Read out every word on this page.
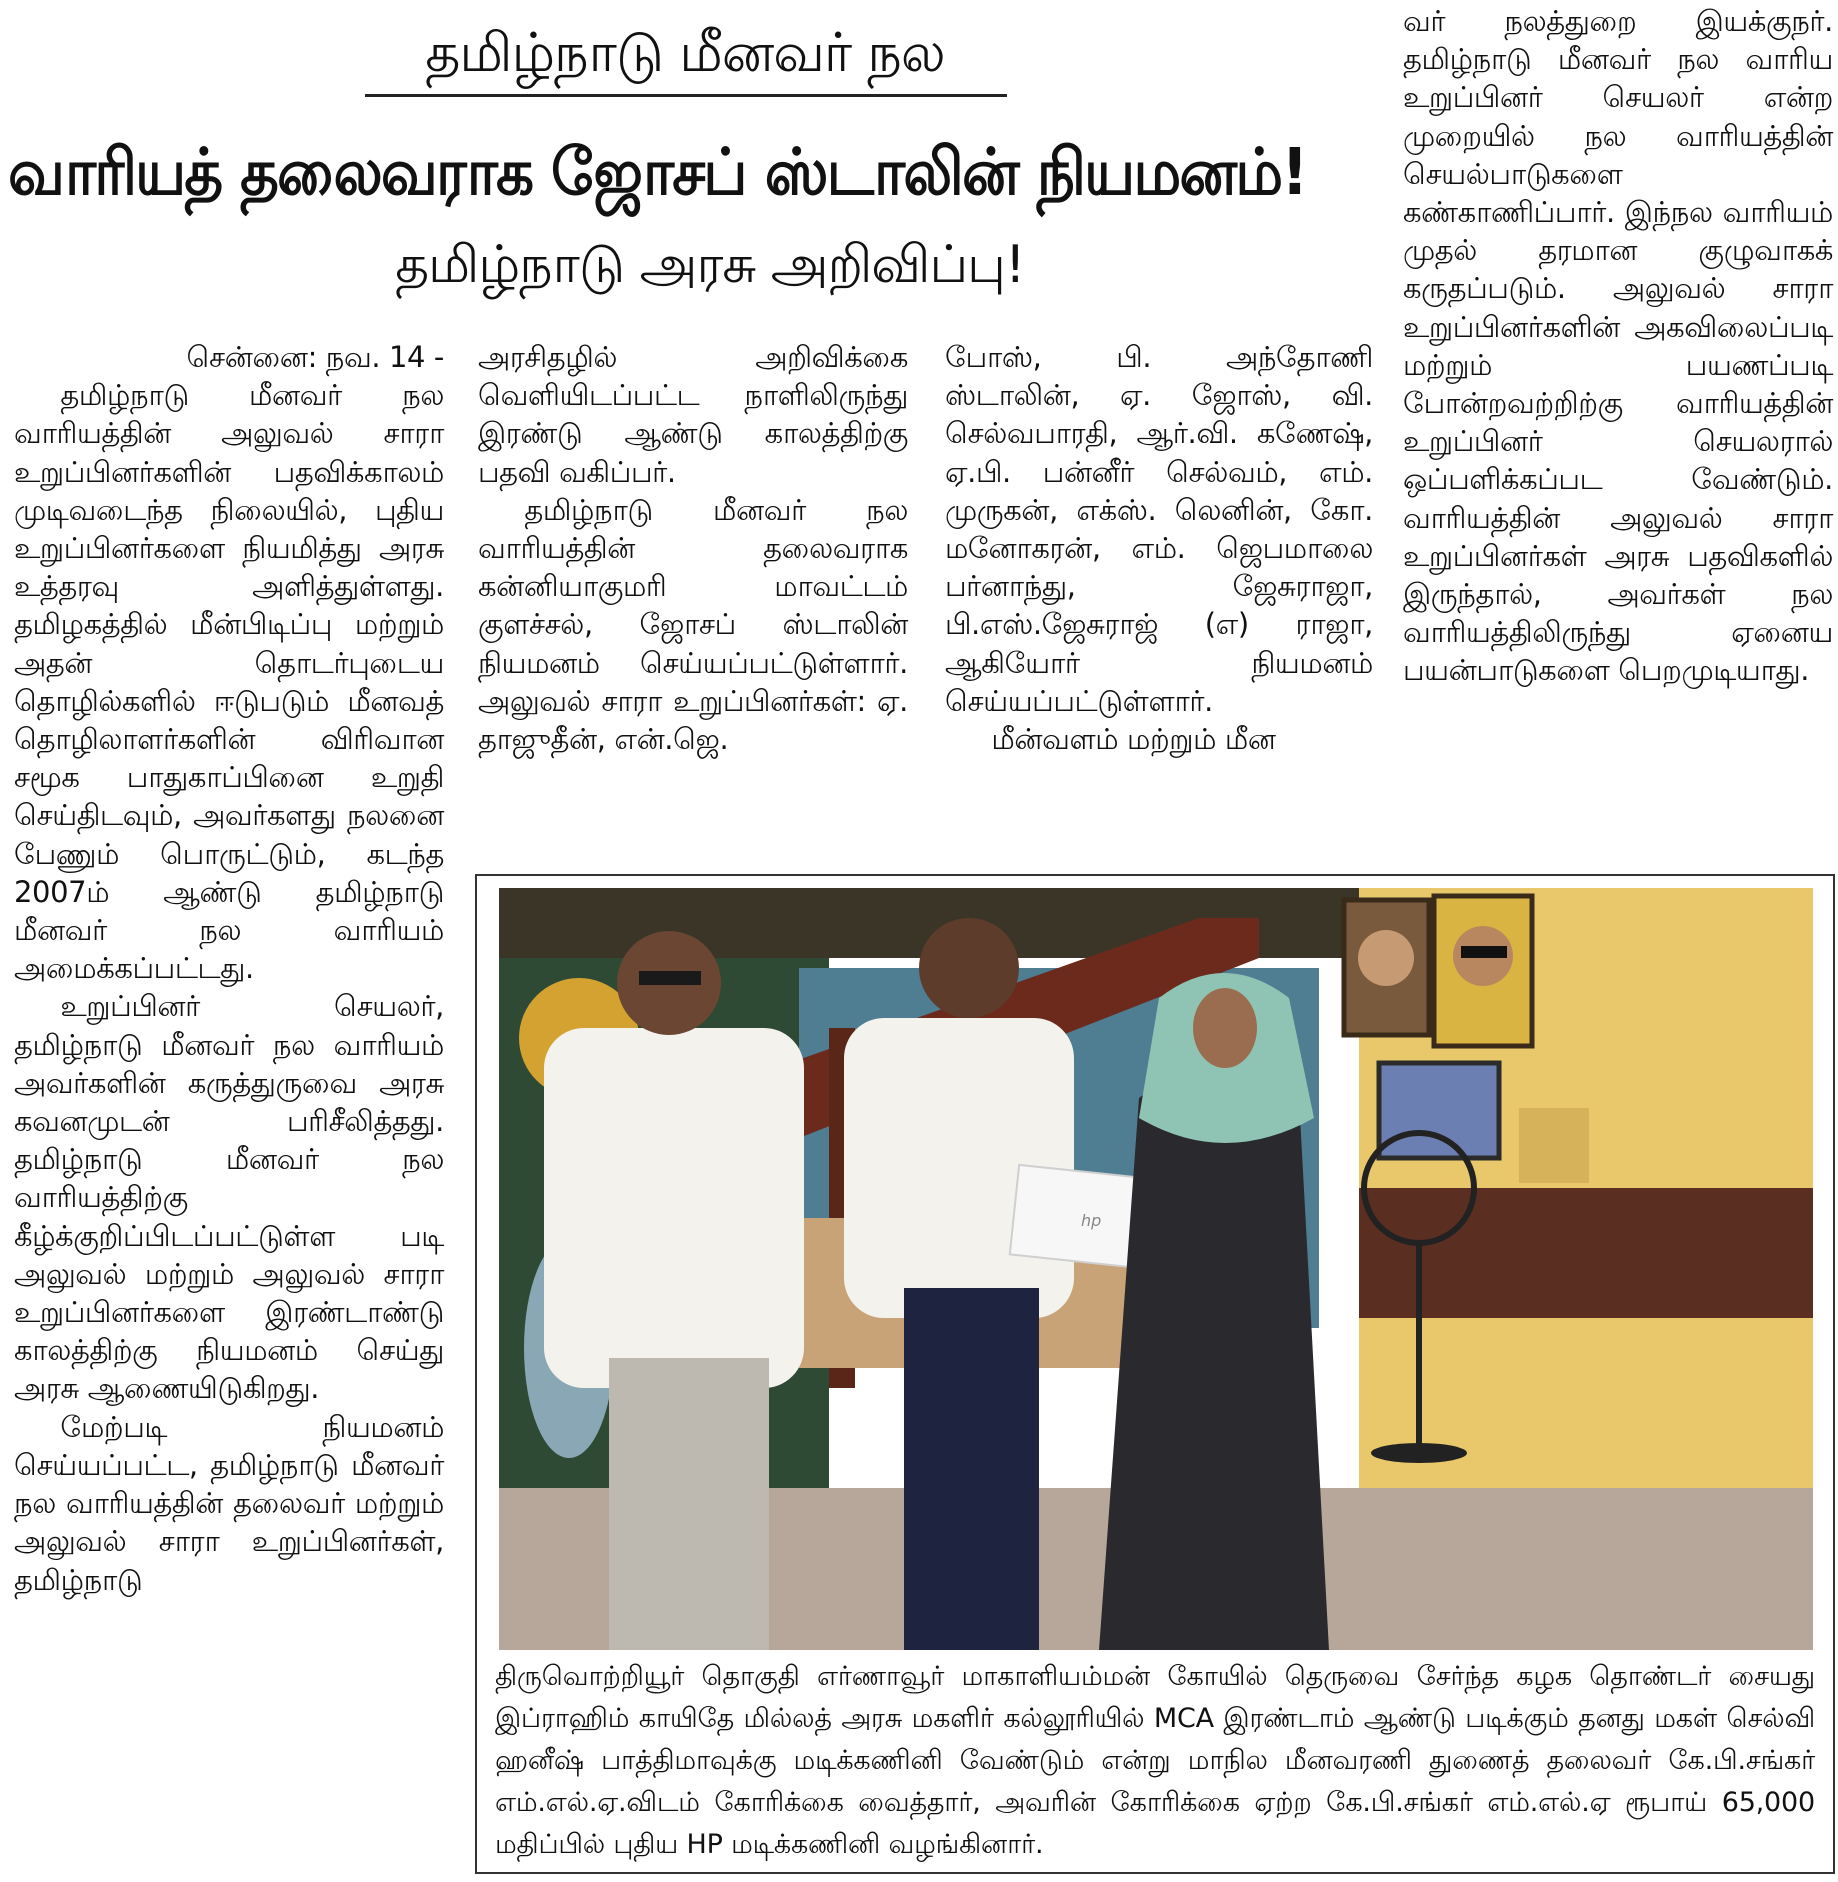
தமிழ்நாடு மீனவர் நல
வாரியத் தலைவராக ஜோசப் ஸ்டாலின் நியமனம்!
தமிழ்நாடு அரசு அறிவிப்பு!

சென்னை: நவ. 14 -

தமிழ்நாடு மீனவர் நல வாரியத்தின் அலுவல் சாரா உறுப்பினர்களின் பதவிக்காலம் முடிவடைந்த நிலையில், புதிய உறுப்பினர்களை நியமித்து அரசு உத்தரவு அளித்துள்ளது. தமிழகத்தில் மீன்பிடிப்பு மற்றும் அதன் தொடர்புடைய தொழில்களில் ஈடுபடும் மீனவத் தொழிலாளர்களின் விரிவான சமூக பாதுகாப்பினை உறுதி செய்திடவும், அவர்களது நலனை பேணும் பொருட்டும், கடந்த 2007ம் ஆண்டு தமிழ்நாடு மீனவர் நல வாரியம் அமைக்கப்பட்டது.

உறுப்பினர் செயலர், தமிழ்நாடு மீனவர் நல வாரியம் அவர்களின் கருத்துருவை அரசு கவனமுடன் பரிசீலித்தது. தமிழ்நாடு மீனவர் நல வாரியத்திற்கு கீழ்க்குறிப்பிடப்பட்டுள்ள படி அலுவல் மற்றும் அலுவல் சாரா உறுப்பினர்களை இரண்டாண்டு காலத்திற்கு நியமனம் செய்து அரசு ஆணையிடுகிறது.

மேற்படி நியமனம் செய்யப்பட்ட, தமிழ்நாடு மீனவர் நல வாரியத்தின் தலைவர் மற்றும் அலுவல் சாரா உறுப்பினர்கள், தமிழ்நாடு

அரசிதழில் அறிவிக்கை வெளியிடப்பட்ட நாளிலிருந்து இரண்டு ஆண்டு காலத்திற்கு பதவி வகிப்பர்.

தமிழ்நாடு மீனவர் நல வாரியத்தின் தலைவராக கன்னியாகுமரி மாவட்டம் குளச்சல், ஜோசப் ஸ்டாலின் நியமனம் செய்யப்பட்டுள்ளார். அலுவல் சாரா உறுப்பினர்கள்: ஏ. தாஜுதீன், என்.ஜெ.

போஸ், பி. அந்தோணி ஸ்டாலின், ஏ. ஜோஸ், வி. செல்வபாரதி, ஆர்.வி. கணேஷ், ஏ.பி. பன்னீர் செல்வம், எம். முருகன், எக்ஸ். லெனின், கோ. மனோகரன், எம். ஜெபமாலை பர்னாந்து, ஜேசுராஜா, பி.எஸ்.ஜேசுராஜ் (எ) ராஜா, ஆகியோர் நியமனம் செய்யப்பட்டுள்ளார்.

மீன்வளம் மற்றும் மீன

வர் நலத்துறை இயக்குநர். தமிழ்நாடு மீனவர் நல வாரிய உறுப்பினர் செயலர் என்ற முறையில் நல வாரியத்தின் செயல்பாடுகளை கண்காணிப்பார். இந்நல வாரியம் முதல் தரமான குழுவாகக் கருதப்படும். அலுவல் சாரா உறுப்பினர்களின் அகவிலைப்படி மற்றும் பயணப்படி போன்றவற்றிற்கு வாரியத்தின் உறுப்பினர் செயலரால் ஒப்பளிக்கப்பட வேண்டும். வாரியத்தின் அலுவல் சாரா உறுப்பினர்கள் அரசு பதவிகளில் இருந்தால், அவர்கள் நல வாரியத்திலிருந்து ஏனைய பயன்பாடுகளை பெறமுடியாது.

hp
திருவொற்றியூர் தொகுதி எர்ணாவூர் மாகாளியம்மன் கோயில் தெருவை சேர்ந்த கழக தொண்டர் சையது இப்ராஹிம் காயிதே மில்லத் அரசு மகளிர் கல்லூரியில் MCA இரண்டாம் ஆண்டு படிக்கும் தனது மகள் செல்வி ஹனீஷ் பாத்திமாவுக்கு மடிக்கணினி வேண்டும் என்று மாநில மீனவரணி துணைத் தலைவர் கே.பி.சங்கர் எம்.எல்.ஏ.விடம் கோரிக்கை வைத்தார், அவரின் கோரிக்கை ஏற்ற கே.பி.சங்கர் எம்.எல்.ஏ ரூபாய் 65,000 மதிப்பில் புதிய HP மடிக்கணினி வழங்கினார்.
